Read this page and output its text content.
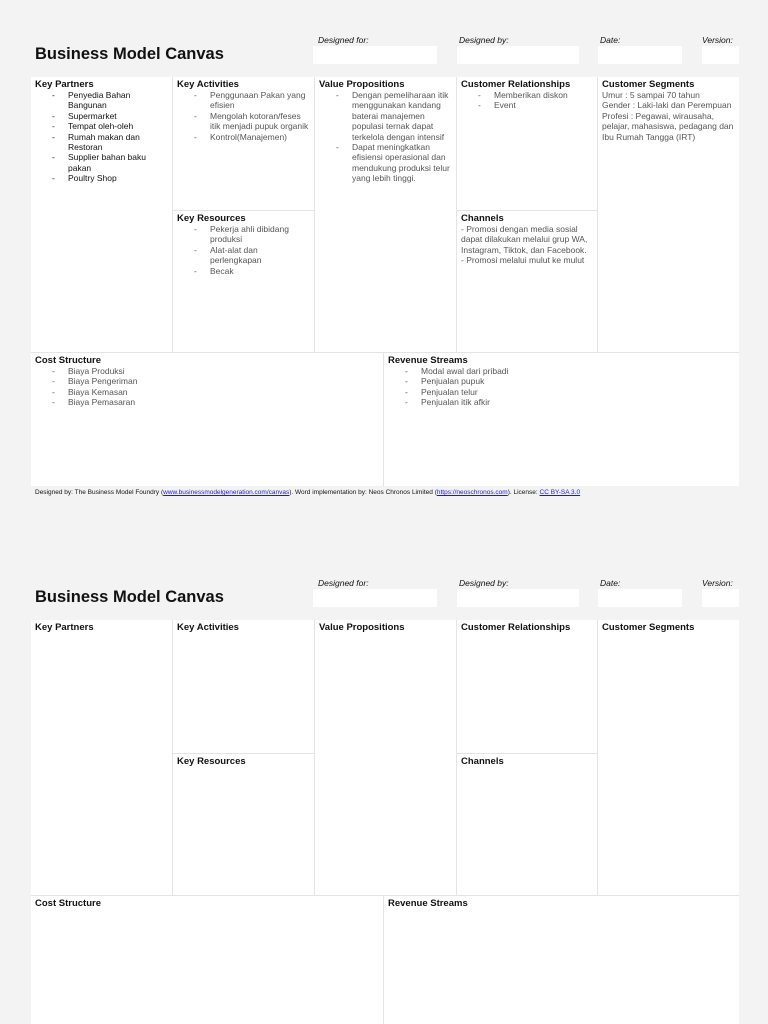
Business Model Canvas
Designed for:	Designed by:	Date:	Version:

Key Partners

- Penyedia Bahan Bangunan
- Supermarket
- Tempat oleh-oleh
- Rumah makan dan Restoran
- Supplier bahan baku pakan
- Poultry Shop

Key Activities

- Penggunaan Pakan yang efisien
- Mengolah kotoran/feses itik menjadi pupuk organik
- Kontrol(Manajemen)

Key Resources

- Pekerja ahli dibidang produksi
- Alat-alat dan perlengkapan
- Becak

Value Propositions

- Dengan pemeliharaan itik menggunakan kandang baterai manajemen populasi ternak dapat terkelola dengan intensif
- Dapat meningkatkan efisiensi operasional dan mendukung produksi telur yang lebih tinggi.

Customer Relationships

- Memberikan diskon
- Event

Channels

- Promosi dengan media sosial dapat dilakukan melalui grup WA, Instagram, Tiktok, dan Facebook.

- Promosi melalui mulut ke mulut

Customer Segments

Umur : 5 sampai 70 tahun

Gender : Laki-laki dan Perempuan

Profesi : Pegawai, wirausaha, pelajar, mahasiswa, pedagang dan Ibu Rumah Tangga (IRT)

Cost Structure

- Biaya Produksi
- Biaya Pengeriman
- Biaya Kemasan
- Biaya Pemasaran

Revenue Streams

- Modal awal dari pribadi
- Penjualan pupuk
- Penjualan telur
- Penjualan itik afkir
Designed by: The Business Model Foundry (www.businessmodelgeneration.com/canvas). Word implementation by: Neos Chronos Limited (https://neoschronos.com). License: CC BY-SA 3.0
Business Model Canvas
Designed for:	Designed by:	Date:	Version:

Key Partners	Key Activities

Key Resources

Value Propositions	Customer Relationships

Channels

Customer Segments

Cost Structure	Revenue Streams
